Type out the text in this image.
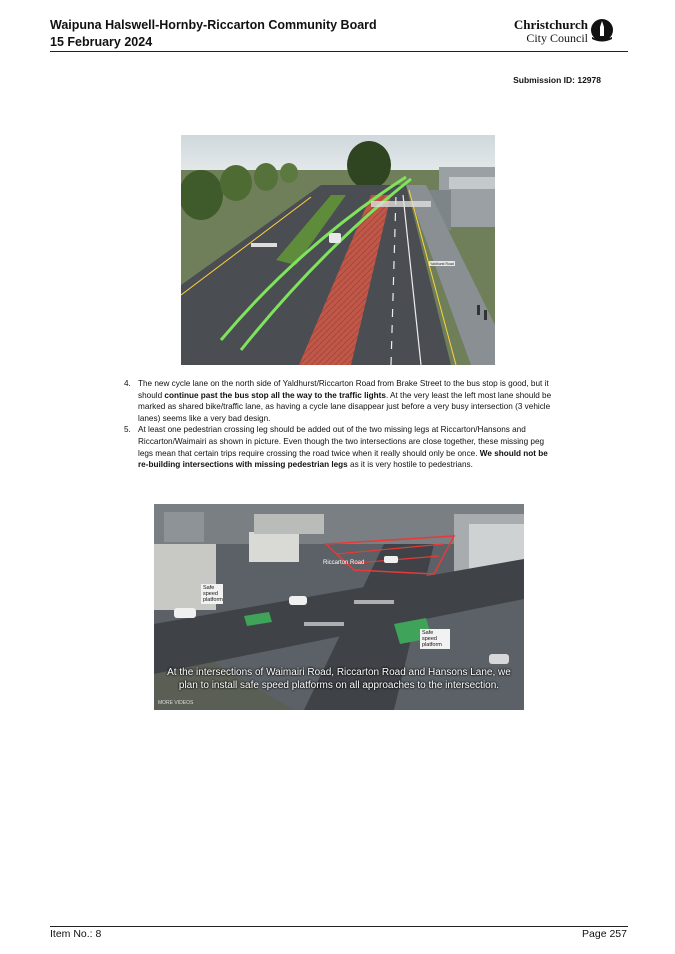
Waipuna Halswell-Hornby-Riccarton Community Board
15 February 2024
Christchurch
City Council
Submission ID: 12978
Yaldhurst Road
4. The new cycle lane on the north side of Yaldhurst/Riccarton Road from Brake Street to the bus stop is good, but it should continue past the bus stop all the way to the traffic lights. At the very least the left most lane should be marked as shared bike/traffic lane, as having a cycle lane disappear just before a very busy intersection (3 vehicle lanes) seems like a very bad design.
5. At least one pedestrian crossing leg should be added out of the two missing legs at Riccarton/Hansons and Riccarton/Waimairi as shown in picture. Even though the two intersections are close together, these missing peg legs mean that certain trips require crossing the road twice when it really should only be once. We should not be re-building intersections with missing pedestrian legs as it is very hostile to pedestrians.
Safe speed platform
Safe speed platform
Riccarton Road
At the intersections of Waimairi Road, Riccarton Road and Hansons Lane, we plan to install safe speed platforms on all approaches to the intersection.
MORE VIDEOS
Item No.: 8	Page 257
